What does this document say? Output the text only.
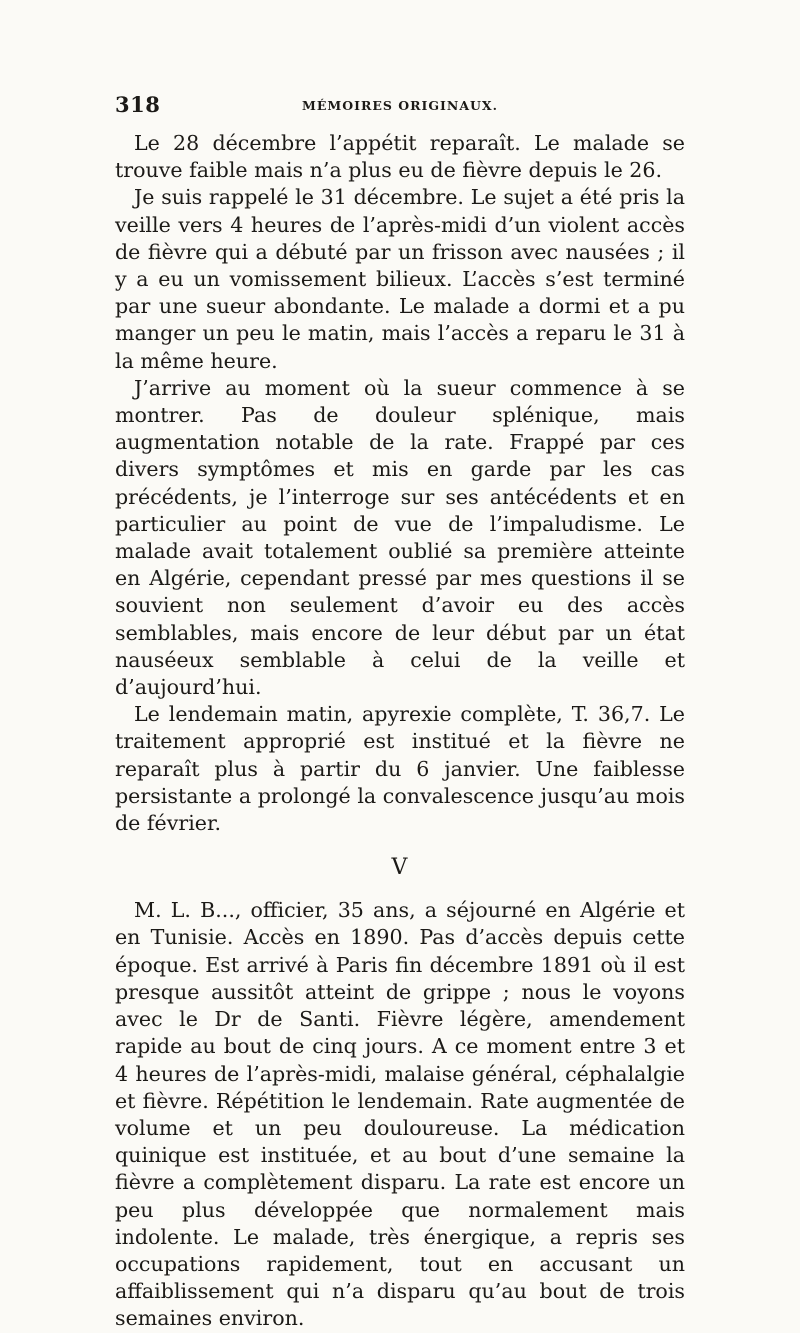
318	MÉMOIRES ORIGINAUX.

Le 28 décembre l’appétit reparaît. Le malade se trouve faible mais n’a plus eu de fièvre depuis le 26.

Je suis rappelé le 31 décembre. Le sujet a été pris la veille vers 4 heures de l’après-midi d’un violent accès de fièvre qui a débuté par un frisson avec nausées ; il y a eu un vomissement bilieux. L’accès s’est terminé par une sueur abondante. Le malade a dormi et a pu manger un peu le matin, mais l’accès a reparu le 31 à la même heure.

J’arrive au moment où la sueur commence à se montrer. Pas de douleur splénique, mais augmentation notable de la rate. Frappé par ces divers symptômes et mis en garde par les cas précédents, je l’interroge sur ses antécédents et en particulier au point de vue de l’impaludisme. Le malade avait totalement oublié sa première atteinte en Algérie, cependant pressé par mes questions il se souvient non seulement d’avoir eu des accès semblables, mais encore de leur début par un état nauséeux semblable à celui de la veille et d’aujourd’hui.

Le lendemain matin, apyrexie complète, T. 36,7. Le traitement approprié est institué et la fièvre ne reparaît plus à partir du 6 janvier. Une faiblesse persistante a prolongé la convalescence jusqu’au mois de février.

V

M. L. B..., officier, 35 ans, a séjourné en Algérie et en Tunisie. Accès en 1890. Pas d’accès depuis cette époque. Est arrivé à Paris fin décembre 1891 où il est presque aussitôt atteint de grippe ; nous le voyons avec le Dr de Santi. Fièvre légère, amendement rapide au bout de cinq jours. A ce moment entre 3 et 4 heures de l’après-midi, malaise général, céphalalgie et fièvre. Répétition le lendemain. Rate augmentée de volume et un peu douloureuse. La médication quinique est instituée, et au bout d’une semaine la fièvre a complètement disparu. La rate est encore un peu plus développée que normalement mais indolente. Le malade, très énergique, a repris ses occupations rapidement, tout en accusant un affaiblissement qui n’a disparu qu’au bout de trois semaines environ.
